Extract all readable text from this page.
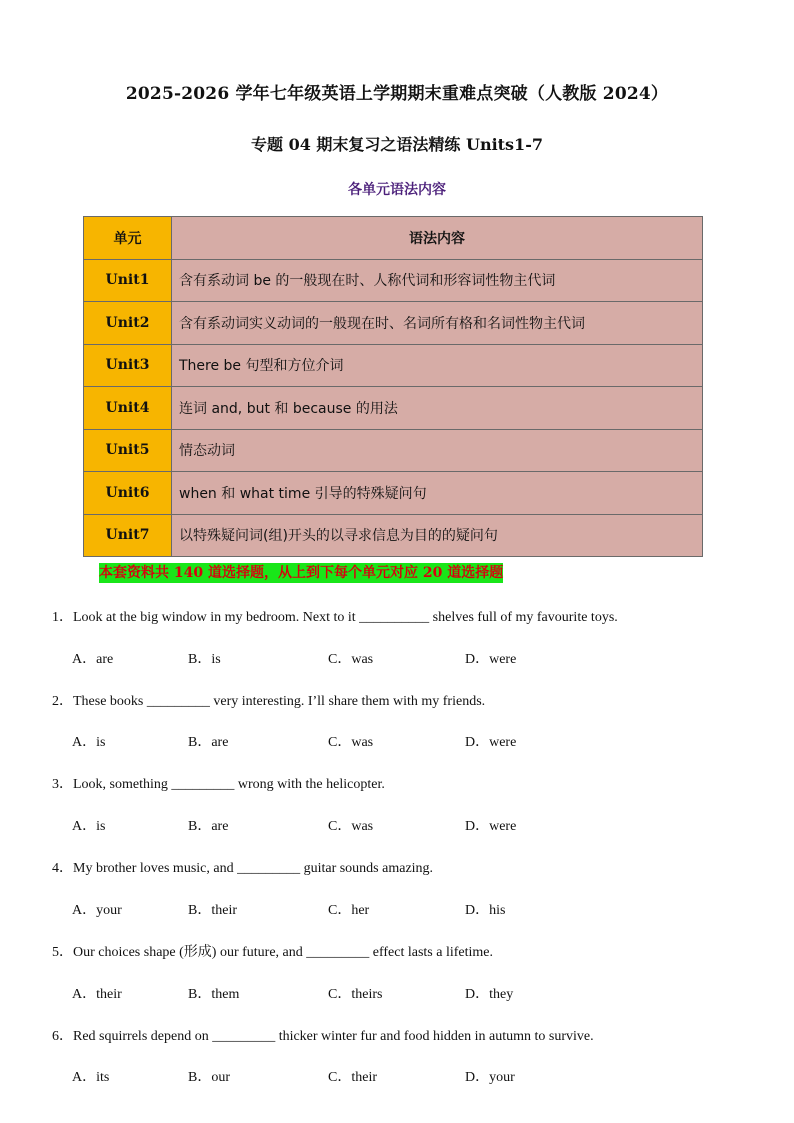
2025-2026 学年七年级英语上学期期末重难点突破（人教版 2024）
专题 04 期末复习之语法精练 Units1-7
各单元语法内容
单元	语法内容
Unit1	含有系动词 be 的一般现在时、人称代词和形容词性物主代词
Unit2	含有系动词实义动词的一般现在时、名词所有格和名词性物主代词
Unit3	There be 句型和方位介词
Unit4	连词 and, but 和 because 的用法
Unit5	情态动词
Unit6	when 和 what time 引导的特殊疑问句
Unit7	以特殊疑问词(组)开头的以寻求信息为目的的疑问句
本套资料共 140 道选择题，从上到下每个单元对应 20 道选择题
1．Look at the big window in my bedroom. Next to it __________ shelves full of my favourite toys.
A．are	B．is	C．was	D．were
2．These books _________ very interesting. I’ll share them with my friends.
A．is	B．are	C．was	D．were
3．Look, something _________ wrong with the helicopter.
A．is	B．are	C．was	D．were
4．My brother loves music, and _________ guitar sounds amazing.
A．your	B．their	C．her	D．his
5．Our choices shape (形成) our future, and _________ effect lasts a lifetime.
A．their	B．them	C．theirs	D．they
6．Red squirrels depend on _________ thicker winter fur and food hidden in autumn to survive.
A．its	B．our	C．their	D．your
